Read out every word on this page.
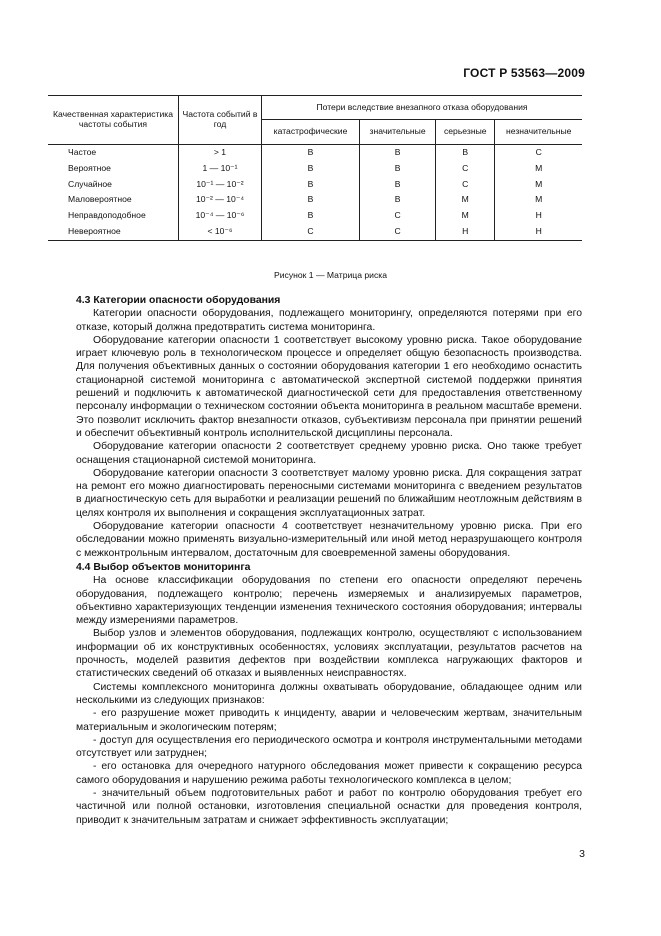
ГОСТ Р 53563—2009
Качественная характеристика частоты события	Частота событий в год	Потери вследствие внезапного отказа оборудования			
		катастрофические	значительные	серьезные	незначительные
Частое	> 1	В	В	В	С
Вероятное	1 — 10⁻¹	В	В	С	М
Случайное	10⁻¹ — 10⁻²	В	В	С	М
Маловероятное	10⁻² — 10⁻⁴	В	В	М	М
Неправдоподобное	10⁻⁴ — 10⁻⁶	В	С	М	Н
Невероятное	< 10⁻⁶	С	С	Н	Н
Рисунок 1 — Матрица риска
4.3 Категории опасности оборудования

Категории опасности оборудования, подлежащего мониторингу, определяются потерями при его отказе, который должна предотвратить система мониторинга.

Оборудование категории опасности 1 соответствует высокому уровню риска. Такое оборудование играет ключевую роль в технологическом процессе и определяет общую безопасность производства. Для получения объективных данных о состоянии оборудования категории 1 его необходимо оснастить стационарной системой мониторинга с автоматической экспертной системой поддержки принятия решений и подключить к автоматической диагностической сети для предоставления ответственному персоналу информации о техническом состоянии объекта мониторинга в реальном масштабе времени. Это позволит исключить фактор внезапности отказов, субъективизм персонала при принятии решений и обеспечит объективный контроль исполнительской дисциплины персонала.

Оборудование категории опасности 2 соответствует среднему уровню риска. Оно также требует оснащения стационарной системой мониторинга.

Оборудование категории опасности 3 соответствует малому уровню риска. Для сокращения затрат на ремонт его можно диагностировать переносными системами мониторинга с введением результатов в диагностическую сеть для выработки и реализации решений по ближайшим неотложным действиям в целях контроля их выполнения и сокращения эксплуатационных затрат.

Оборудование категории опасности 4 соответствует незначительному уровню риска. При его обследовании можно применять визуально-измерительный или иной метод неразрушающего контроля с межконтрольным интервалом, достаточным для своевременной замены оборудования.

4.4 Выбор объектов мониторинга

На основе классификации оборудования по степени его опасности определяют перечень оборудования, подлежащего контролю; перечень измеряемых и анализируемых параметров, объективно характеризующих тенденции изменения технического состояния оборудования; интервалы между измерениями параметров.

Выбор узлов и элементов оборудования, подлежащих контролю, осуществляют с использованием информации об их конструктивных особенностях, условиях эксплуатации, результатов расчетов на прочность, моделей развития дефектов при воздействии комплекса нагружающих факторов и статистических сведений об отказах и выявленных неисправностях.

Системы комплексного мониторинга должны охватывать оборудование, обладающее одним или несколькими из следующих признаков:

- его разрушение может приводить к инциденту, аварии и человеческим жертвам, значительным материальным и экологическим потерям;

- доступ для осуществления его периодического осмотра и контроля инструментальными методами отсутствует или затруднен;

- его остановка для очередного натурного обследования может привести к сокращению ресурса самого оборудования и нарушению режима работы технологического комплекса в целом;

- значительный объем подготовительных работ и работ по контролю оборудования требует его частичной или полной остановки, изготовления специальной оснастки для проведения контроля, приводит к значительным затратам и снижает эффективность эксплуатации;

3
